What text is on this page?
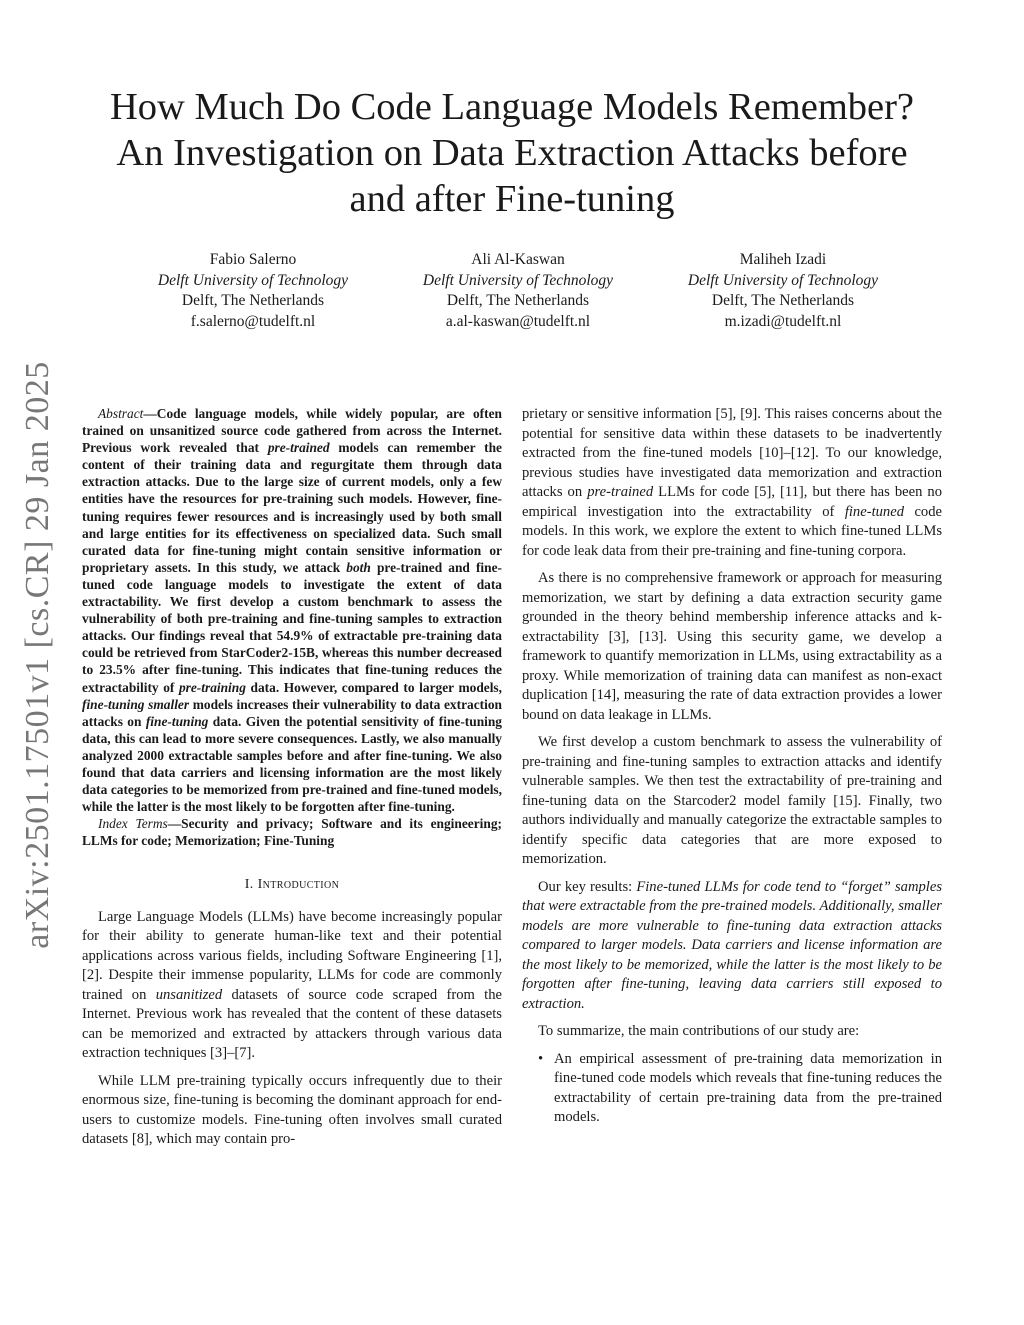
arXiv:2501.17501v1 [cs.CR] 29 Jan 2025
How Much Do Code Language Models Remember?
An Investigation on Data Extraction Attacks before
and after Fine-tuning
Fabio Salerno
Delft University of Technology
Delft, The Netherlands
f.salerno@tudelft.nl
Ali Al-Kaswan
Delft University of Technology
Delft, The Netherlands
a.al-kaswan@tudelft.nl
Maliheh Izadi
Delft University of Technology
Delft, The Netherlands
m.izadi@tudelft.nl

Abstract—Code language models, while widely popular, are often trained on unsanitized source code gathered from across the Internet. Previous work revealed that pre-trained models can remember the content of their training data and regurgitate them through data extraction attacks. Due to the large size of current models, only a few entities have the resources for pre-training such models. However, fine-tuning requires fewer resources and is increasingly used by both small and large entities for its effectiveness on specialized data. Such small curated data for fine-tuning might contain sensitive information or proprietary assets. In this study, we attack both pre-trained and fine-tuned code language models to investigate the extent of data extractability. We first develop a custom benchmark to assess the vulnerability of both pre-training and fine-tuning samples to extraction attacks. Our findings reveal that 54.9% of extractable pre-training data could be retrieved from StarCoder2-15B, whereas this number decreased to 23.5% after fine-tuning. This indicates that fine-tuning reduces the extractability of pre-training data. However, compared to larger models, fine-tuning smaller models increases their vulnerability to data extraction attacks on fine-tuning data. Given the potential sensitivity of fine-tuning data, this can lead to more severe consequences. Lastly, we also manually analyzed 2000 extractable samples before and after fine-tuning. We also found that data carriers and licensing information are the most likely data categories to be memorized from pre-trained and fine-tuned models, while the latter is the most likely to be forgotten after fine-tuning.

Index Terms—Security and privacy; Software and its engineering; LLMs for code; Memorization; Fine-Tuning

I. Introduction

Large Language Models (LLMs) have become increasingly popular for their ability to generate human-like text and their potential applications across various fields, including Software Engineering [1], [2]. Despite their immense popularity, LLMs for code are commonly trained on unsanitized datasets of source code scraped from the Internet. Previous work has revealed that the content of these datasets can be memorized and extracted by attackers through various data extraction techniques [3]–[7].

While LLM pre-training typically occurs infrequently due to their enormous size, fine-tuning is becoming the dominant approach for end-users to customize models. Fine-tuning often involves small curated datasets [8], which may contain pro-

prietary or sensitive information [5], [9]. This raises concerns about the potential for sensitive data within these datasets to be inadvertently extracted from the fine-tuned models [10]–[12]. To our knowledge, previous studies have investigated data memorization and extraction attacks on pre-trained LLMs for code [5], [11], but there has been no empirical investigation into the extractability of fine-tuned code models. In this work, we explore the extent to which fine-tuned LLMs for code leak data from their pre-training and fine-tuning corpora.

As there is no comprehensive framework or approach for measuring memorization, we start by defining a data extraction security game grounded in the theory behind membership inference attacks and k-extractability [3], [13]. Using this security game, we develop a framework to quantify memorization in LLMs, using extractability as a proxy. While memorization of training data can manifest as non-exact duplication [14], measuring the rate of data extraction provides a lower bound on data leakage in LLMs.

We first develop a custom benchmark to assess the vulnerability of pre-training and fine-tuning samples to extraction attacks and identify vulnerable samples. We then test the extractability of pre-training and fine-tuning data on the Starcoder2 model family [15]. Finally, two authors individually and manually categorize the extractable samples to identify specific data categories that are more exposed to memorization.

Our key results: Fine-tuned LLMs for code tend to “forget” samples that were extractable from the pre-trained models. Additionally, smaller models are more vulnerable to fine-tuning data extraction attacks compared to larger models. Data carriers and license information are the most likely to be memorized, while the latter is the most likely to be forgotten after fine-tuning, leaving data carriers still exposed to extraction.

To summarize, the main contributions of our study are:

• An empirical assessment of pre-training data memorization in fine-tuned code models which reveals that fine-tuning reduces the extractability of certain pre-training data from the pre-trained models.
